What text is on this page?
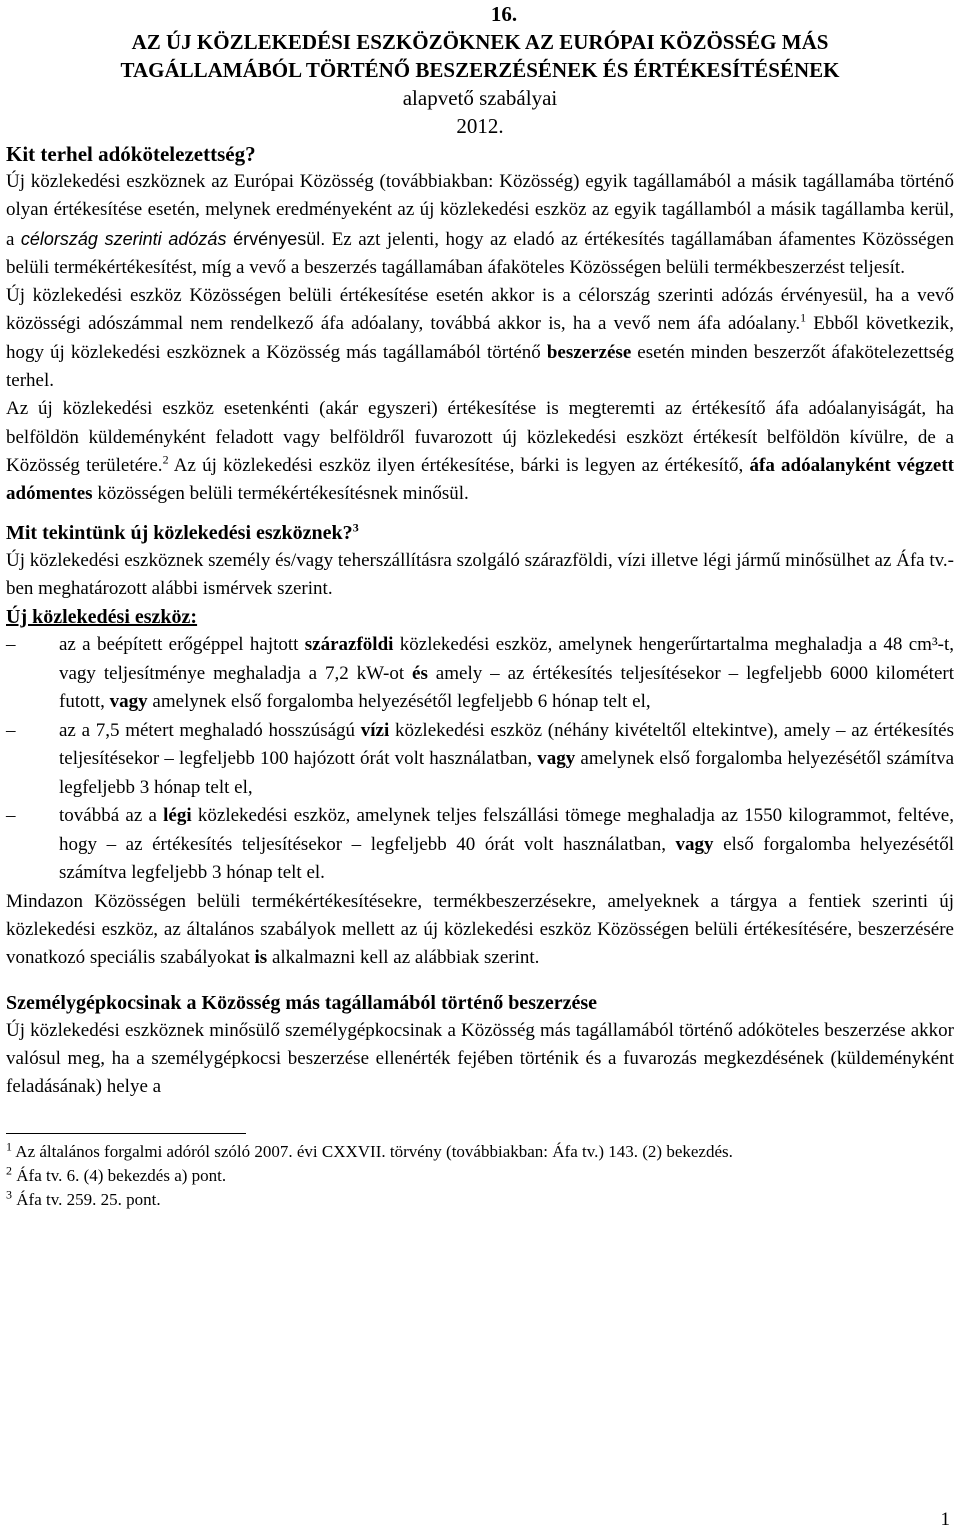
16.
AZ ÚJ KÖZLEKEDÉSI ESZKÖZÖKNEK AZ EURÓPAI KÖZÖSSÉG MÁS
TAGÁLLAMÁBÓL TÖRTÉNŐ BESZERZÉSÉNEK ÉS ÉRTÉKESÍTÉSÉNEK
alapvető szabályai
2012.
Kit terhel adókötelezettség?

Új közlekedési eszköznek az Európai Közösség (továbbiakban: Közösség) egyik tagállamából a másik tagállamába történő olyan értékesítése esetén, melynek eredményeként az új közlekedési eszköz az egyik tagállamból a másik tagállamba kerül, a célország szerinti adózás érvényesül. Ez azt jelenti, hogy az eladó az értékesítés tagállamában áfamentes Közösségen belüli termékértékesítést, míg a vevő a beszerzés tagállamában áfaköteles Közösségen belüli termékbeszerzést teljesít.

Új közlekedési eszköz Közösségen belüli értékesítése esetén akkor is a célország szerinti adózás érvényesül, ha a vevő közösségi adószámmal nem rendelkező áfa adóalany, továbbá akkor is, ha a vevő nem áfa adóalany.$^1$ Ebből következik, hogy új közlekedési eszköznek a Közösség más tagállamából történő beszerzése esetén minden beszerzőt áfakötelezettség terhel.

Az új közlekedési eszköz esetenkénti (akár egyszeri) értékesítése is megteremti az értékesítő áfa adóalanyiságát, ha belföldön küldeményként feladott vagy belföldről fuvarozott új közlekedési eszközt értékesít belföldön kívülre, de a Közösség területére.$^2$ Az új közlekedési eszköz ilyen értékesítése, bárki is legyen az értékesítő, áfa adóalanyként végzett adómentes közösségen belüli termékértékesítésnek minősül.

Mit tekintünk új közlekedési eszköznek?$^3$

Új közlekedési eszköznek személy és/vagy teherszállításra szolgáló szárazföldi, vízi illetve légi jármű minősülhet az Áfa tv.-ben meghatározott alábbi ismérvek szerint.

Új közlekedési eszköz:
–	az a beépített erőgéppel hajtott szárazföldi közlekedési eszköz, amelynek hengerűrtartalma meghaladja a 48 cm³-t, vagy teljesítménye meghaladja a 7,2 kW-ot és amely – az értékesítés teljesítésekor – legfeljebb 6000 kilométert futott, vagy amelynek első forgalomba helyezésétől legfeljebb 6 hónap telt el,
–	az a 7,5 métert meghaladó hosszúságú vízi közlekedési eszköz (néhány kivételtől eltekintve), amely – az értékesítés teljesítésekor – legfeljebb 100 hajózott órát volt használatban, vagy amelynek első forgalomba helyezésétől számítva legfeljebb 3 hónap telt el,
–	továbbá az a légi közlekedési eszköz, amelynek teljes felszállási tömege meghaladja az 1550 kilogrammot, feltéve, hogy – az értékesítés teljesítésekor – legfeljebb 40 órát volt használatban, vagy első forgalomba helyezésétől számítva legfeljebb 3 hónap telt el.

Mindazon Közösségen belüli termékértékesítésekre, termékbeszerzésekre, amelyeknek a tárgya a fentiek szerinti új közlekedési eszköz, az általános szabályok mellett az új közlekedési eszköz Közösségen belüli értékesítésére, beszerzésére vonatkozó speciális szabályokat is alkalmazni kell az alábbiak szerint.

Személygépkocsinak a Közösség más tagállamából történő beszerzése

Új közlekedési eszköznek minősülő személygépkocsinak a Közösség más tagállamából történő adóköteles beszerzése akkor valósul meg, ha a személygépkocsi beszerzése ellenérték fejében történik és a fuvarozás megkezdésének (küldeményként feladásának) helye a

$^1$ Az általános forgalmi adóról szóló 2007. évi CXXVII. törvény (továbbiakban: Áfa tv.) 143. (2) bekezdés.

$^2$ Áfa tv. 6. (4) bekezdés a) pont.

$^3$ Áfa tv. 259. 25. pont.

1
